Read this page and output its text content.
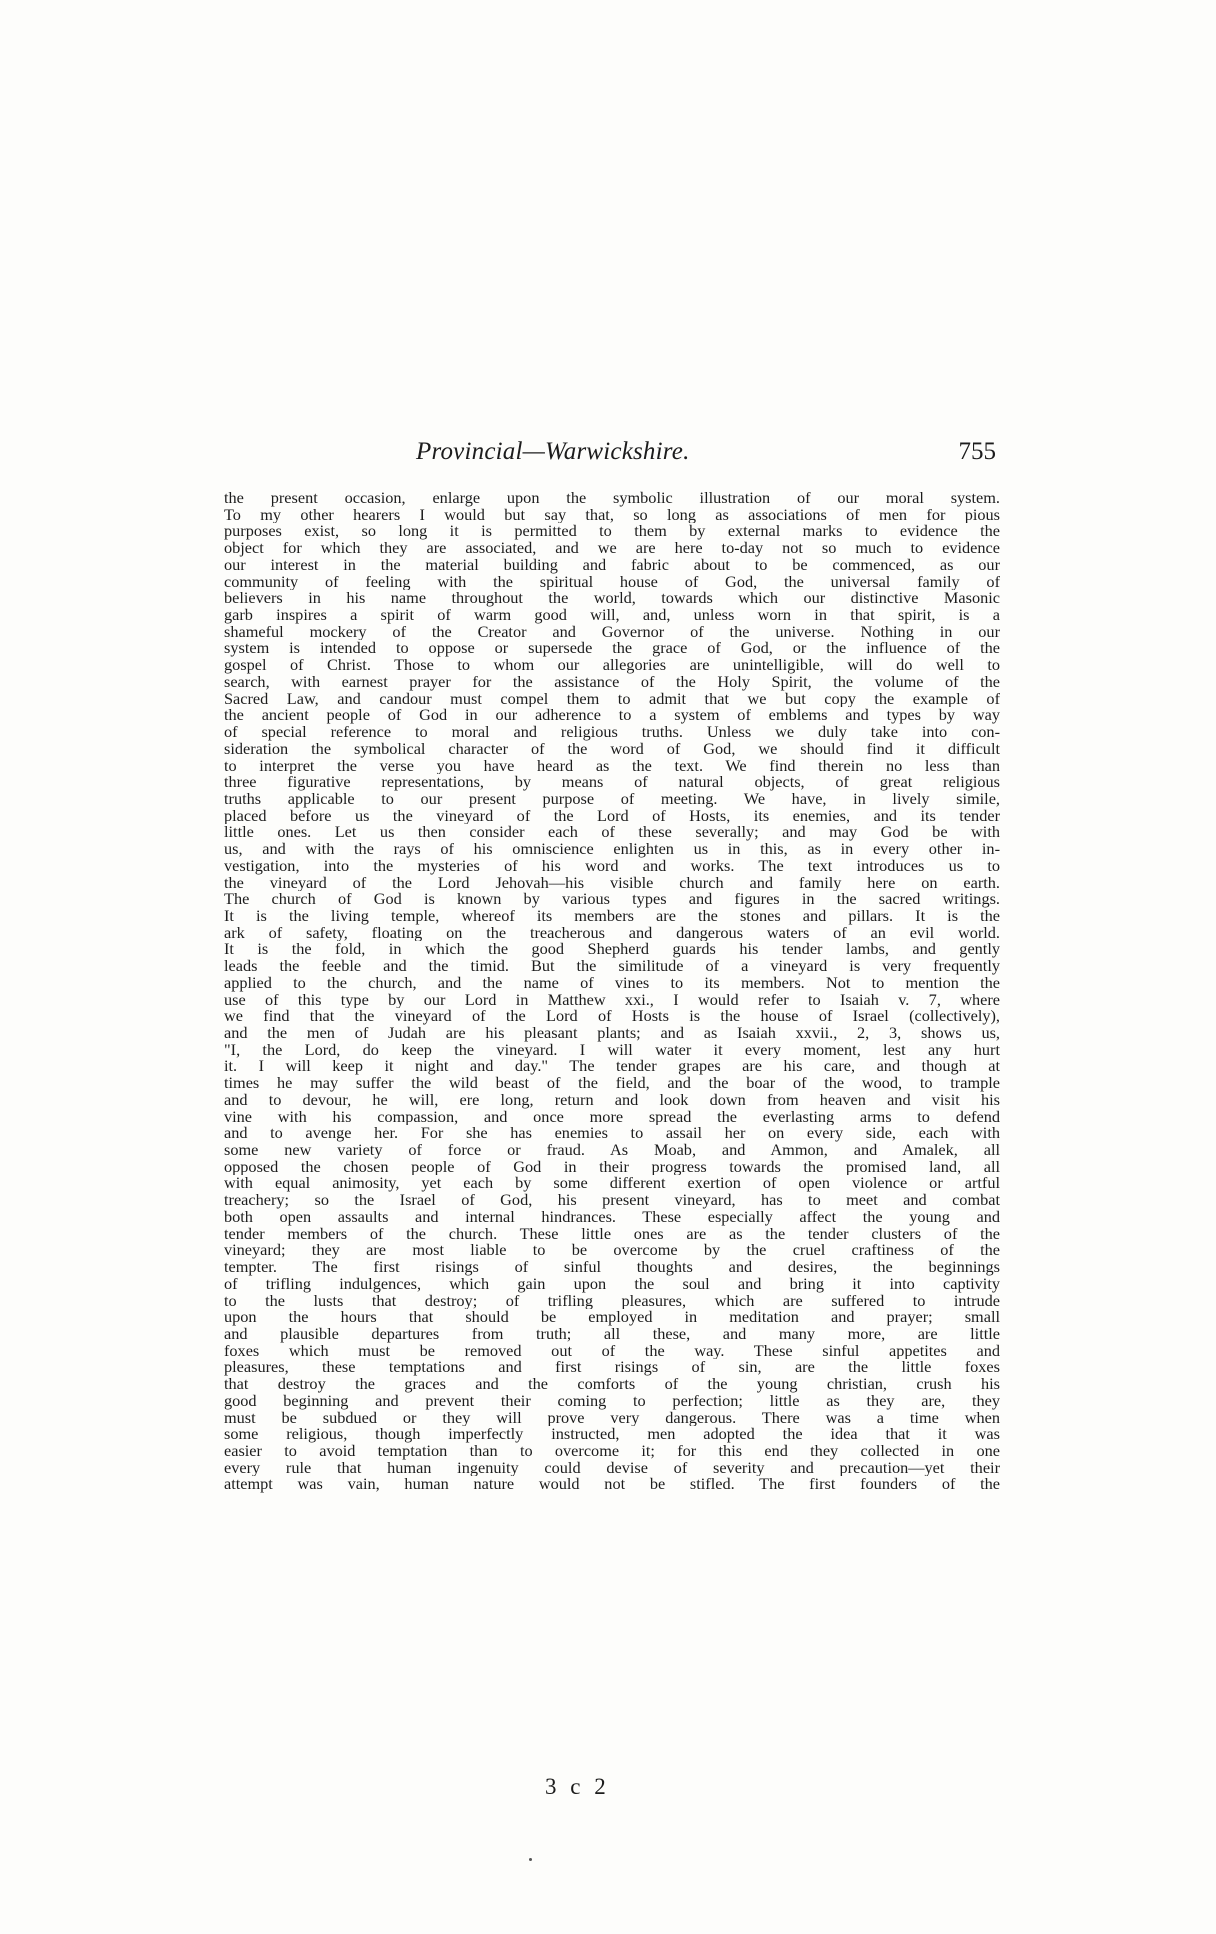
Provincial—Warwickshire.	755
the present occasion, enlarge upon the symbolic illustration of our moral system.
To my other hearers I would but say that, so long as associations of men for pious
purposes exist, so long it is permitted to them by external marks to evidence the
object for which they are associated, and we are here to-day not so much to evidence
our interest in the material building and fabric about to be commenced, as our
community of feeling with the spiritual house of God, the universal family of
believers in his name throughout the world, towards which our distinctive Masonic
garb inspires a spirit of warm good will, and, unless worn in that spirit, is a
shameful mockery of the Creator and Governor of the universe. Nothing in our
system is intended to oppose or supersede the grace of God, or the influence of the
gospel of Christ. Those to whom our allegories are unintelligible, will do well to
search, with earnest prayer for the assistance of the Holy Spirit, the volume of the
Sacred Law, and candour must compel them to admit that we but copy the example of
the ancient people of God in our adherence to a system of emblems and types by way
of special reference to moral and religious truths. Unless we duly take into con-
sideration the symbolical character of the word of God, we should find it difficult
to interpret the verse you have heard as the text. We find therein no less than
three figurative representations, by means of natural objects, of great religious
truths applicable to our present purpose of meeting. We have, in lively simile,
placed before us the vineyard of the Lord of Hosts, its enemies, and its tender
little ones. Let us then consider each of these severally; and may God be with
us, and with the rays of his omniscience enlighten us in this, as in every other in-
vestigation, into the mysteries of his word and works. The text introduces us to
the vineyard of the Lord Jehovah—his visible church and family here on earth.
The church of God is known by various types and figures in the sacred writings.
It is the living temple, whereof its members are the stones and pillars. It is the
ark of safety, floating on the treacherous and dangerous waters of an evil world.
It is the fold, in which the good Shepherd guards his tender lambs, and gently
leads the feeble and the timid. But the similitude of a vineyard is very frequently
applied to the church, and the name of vines to its members. Not to mention the
use of this type by our Lord in Matthew xxi., I would refer to Isaiah v. 7, where
we find that the vineyard of the Lord of Hosts is the house of Israel (collectively),
and the men of Judah are his pleasant plants; and as Isaiah xxvii., 2, 3, shows us,
"I, the Lord, do keep the vineyard. I will water it every moment, lest any hurt
it. I will keep it night and day." The tender grapes are his care, and though at
times he may suffer the wild beast of the field, and the boar of the wood, to trample
and to devour, he will, ere long, return and look down from heaven and visit his
vine with his compassion, and once more spread the everlasting arms to defend
and to avenge her. For she has enemies to assail her on every side, each with
some new variety of force or fraud. As Moab, and Ammon, and Amalek, all
opposed the chosen people of God in their progress towards the promised land, all
with equal animosity, yet each by some different exertion of open violence or artful
treachery; so the Israel of God, his present vineyard, has to meet and combat
both open assaults and internal hindrances. These especially affect the young and
tender members of the church. These little ones are as the tender clusters of the
vineyard; they are most liable to be overcome by the cruel craftiness of the
tempter. The first risings of sinful thoughts and desires, the beginnings
of trifling indulgences, which gain upon the soul and bring it into captivity
to the lusts that destroy; of trifling pleasures, which are suffered to intrude
upon the hours that should be employed in meditation and prayer; small
and plausible departures from truth; all these, and many more, are little
foxes which must be removed out of the way. These sinful appetites and
pleasures, these temptations and first risings of sin, are the little foxes
that destroy the graces and the comforts of the young christian, crush his
good beginning and prevent their coming to perfection; little as they are, they
must be subdued or they will prove very dangerous. There was a time when
some religious, though imperfectly instructed, men adopted the idea that it was
easier to avoid temptation than to overcome it; for this end they collected in one
every rule that human ingenuity could devise of severity and precaution—yet their
attempt was vain, human nature would not be stifled. The first founders of the
3 c 2
